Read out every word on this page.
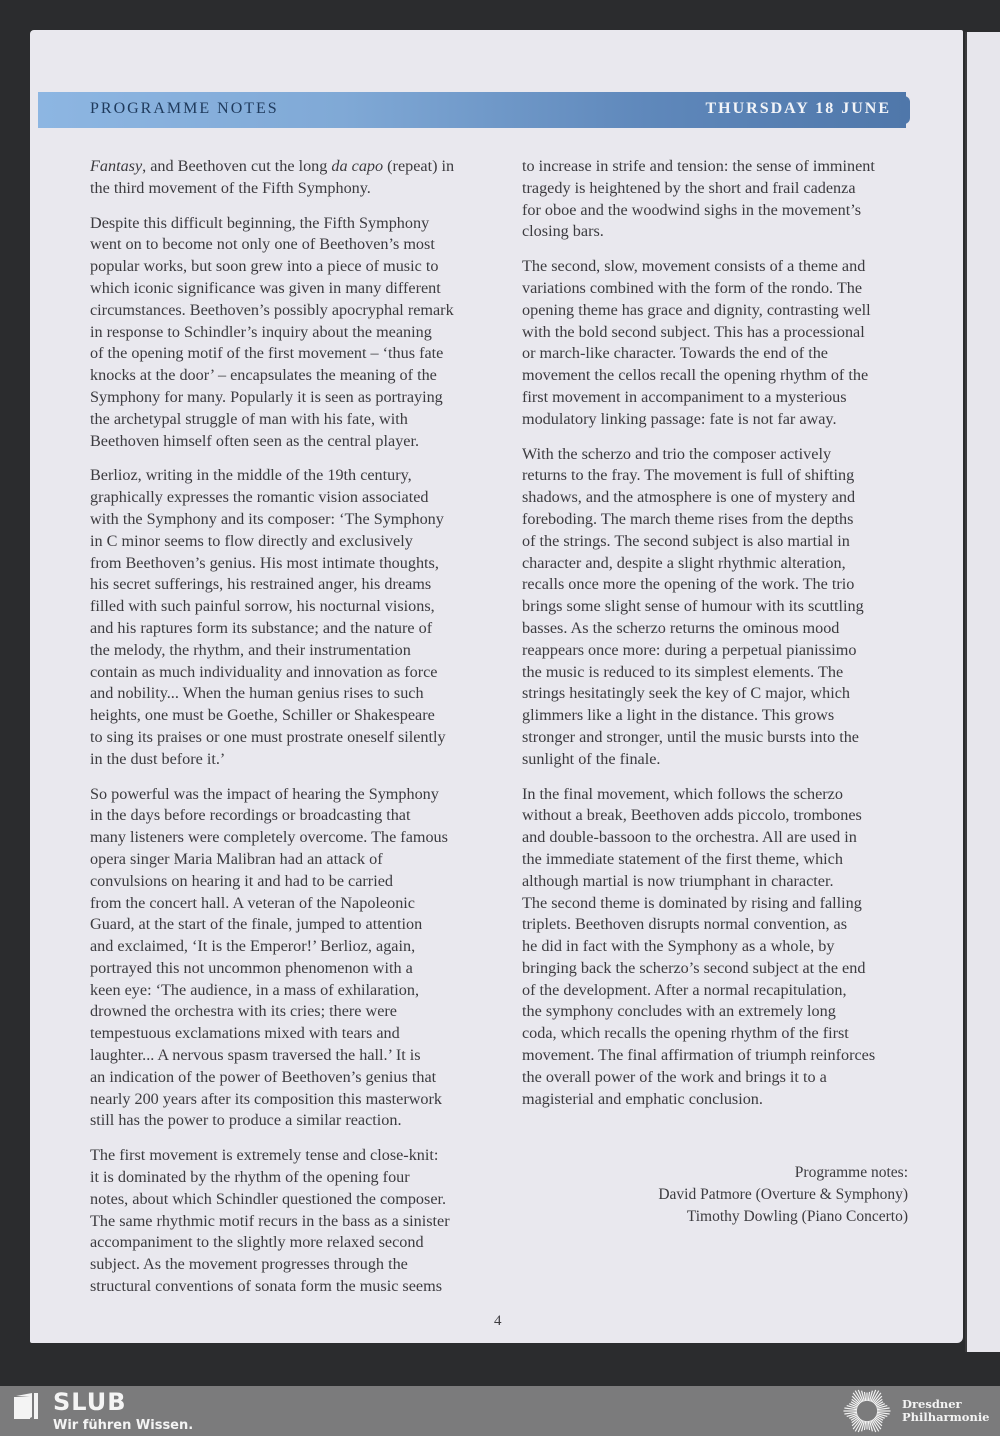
PROGRAMME NOTES	THURSDAY 18 JUNE

Fantasy, and Beethoven cut the long da capo (repeat) in
the third movement of the Fifth Symphony.

Despite this difficult beginning, the Fifth Symphony
went on to become not only one of Beethoven’s most
popular works, but soon grew into a piece of music to
which iconic significance was given in many different
circumstances. Beethoven’s possibly apocryphal remark
in response to Schindler’s inquiry about the meaning
of the opening motif of the first movement – ‘thus fate
knocks at the door’ – encapsulates the meaning of the
Symphony for many. Popularly it is seen as portraying
the archetypal struggle of man with his fate, with
Beethoven himself often seen as the central player.

Berlioz, writing in the middle of the 19th century,
graphically expresses the romantic vision associated
with the Symphony and its composer: ‘The Symphony
in C minor seems to flow directly and exclusively
from Beethoven’s genius. His most intimate thoughts,
his secret sufferings, his restrained anger, his dreams
filled with such painful sorrow, his nocturnal visions,
and his raptures form its substance; and the nature of
the melody, the rhythm, and their instrumentation
contain as much individuality and innovation as force
and nobility... When the human genius rises to such
heights, one must be Goethe, Schiller or Shakespeare
to sing its praises or one must prostrate oneself silently
in the dust before it.’

So powerful was the impact of hearing the Symphony
in the days before recordings or broadcasting that
many listeners were completely overcome. The famous
opera singer Maria Malibran had an attack of
convulsions on hearing it and had to be carried
from the concert hall. A veteran of the Napoleonic
Guard, at the start of the finale, jumped to attention
and exclaimed, ‘It is the Emperor!’ Berlioz, again,
portrayed this not uncommon phenomenon with a
keen eye: ‘The audience, in a mass of exhilaration,
drowned the orchestra with its cries; there were
tempestuous exclamations mixed with tears and
laughter... A nervous spasm traversed the hall.’ It is
an indication of the power of Beethoven’s genius that
nearly 200 years after its composition this masterwork
still has the power to produce a similar reaction.

The first movement is extremely tense and close-knit:
it is dominated by the rhythm of the opening four
notes, about which Schindler questioned the composer.
The same rhythmic motif recurs in the bass as a sinister
accompaniment to the slightly more relaxed second
subject. As the movement progresses through the
structural conventions of sonata form the music seems

to increase in strife and tension: the sense of imminent
tragedy is heightened by the short and frail cadenza
for oboe and the woodwind sighs in the movement’s
closing bars.

The second, slow, movement consists of a theme and
variations combined with the form of the rondo. The
opening theme has grace and dignity, contrasting well
with the bold second subject. This has a processional
or march-like character. Towards the end of the
movement the cellos recall the opening rhythm of the
first movement in accompaniment to a mysterious
modulatory linking passage: fate is not far away.

With the scherzo and trio the composer actively
returns to the fray. The movement is full of shifting
shadows, and the atmosphere is one of mystery and
foreboding. The march theme rises from the depths
of the strings. The second subject is also martial in
character and, despite a slight rhythmic alteration,
recalls once more the opening of the work. The trio
brings some slight sense of humour with its scuttling
basses. As the scherzo returns the ominous mood
reappears once more: during a perpetual pianissimo
the music is reduced to its simplest elements. The
strings hesitatingly seek the key of C major, which
glimmers like a light in the distance. This grows
stronger and stronger, until the music bursts into the
sunlight of the finale.

In the final movement, which follows the scherzo
without a break, Beethoven adds piccolo, trombones
and double-bassoon to the orchestra. All are used in
the immediate statement of the first theme, which
although martial is now triumphant in character.
The second theme is dominated by rising and falling
triplets. Beethoven disrupts normal convention, as
he did in fact with the Symphony as a whole, by
bringing back the scherzo’s second subject at the end
of the development. After a normal recapitulation,
the symphony concludes with an extremely long
coda, which recalls the opening rhythm of the first
movement. The final affirmation of triumph reinforces
the overall power of the work and brings it to a
magisterial and emphatic conclusion.

Programme notes:
David Patmore (Overture & Symphony)
Timothy Dowling (Piano Concerto)
4
SLUB
Wir führen Wissen.
Dresdner
Philharmonie
